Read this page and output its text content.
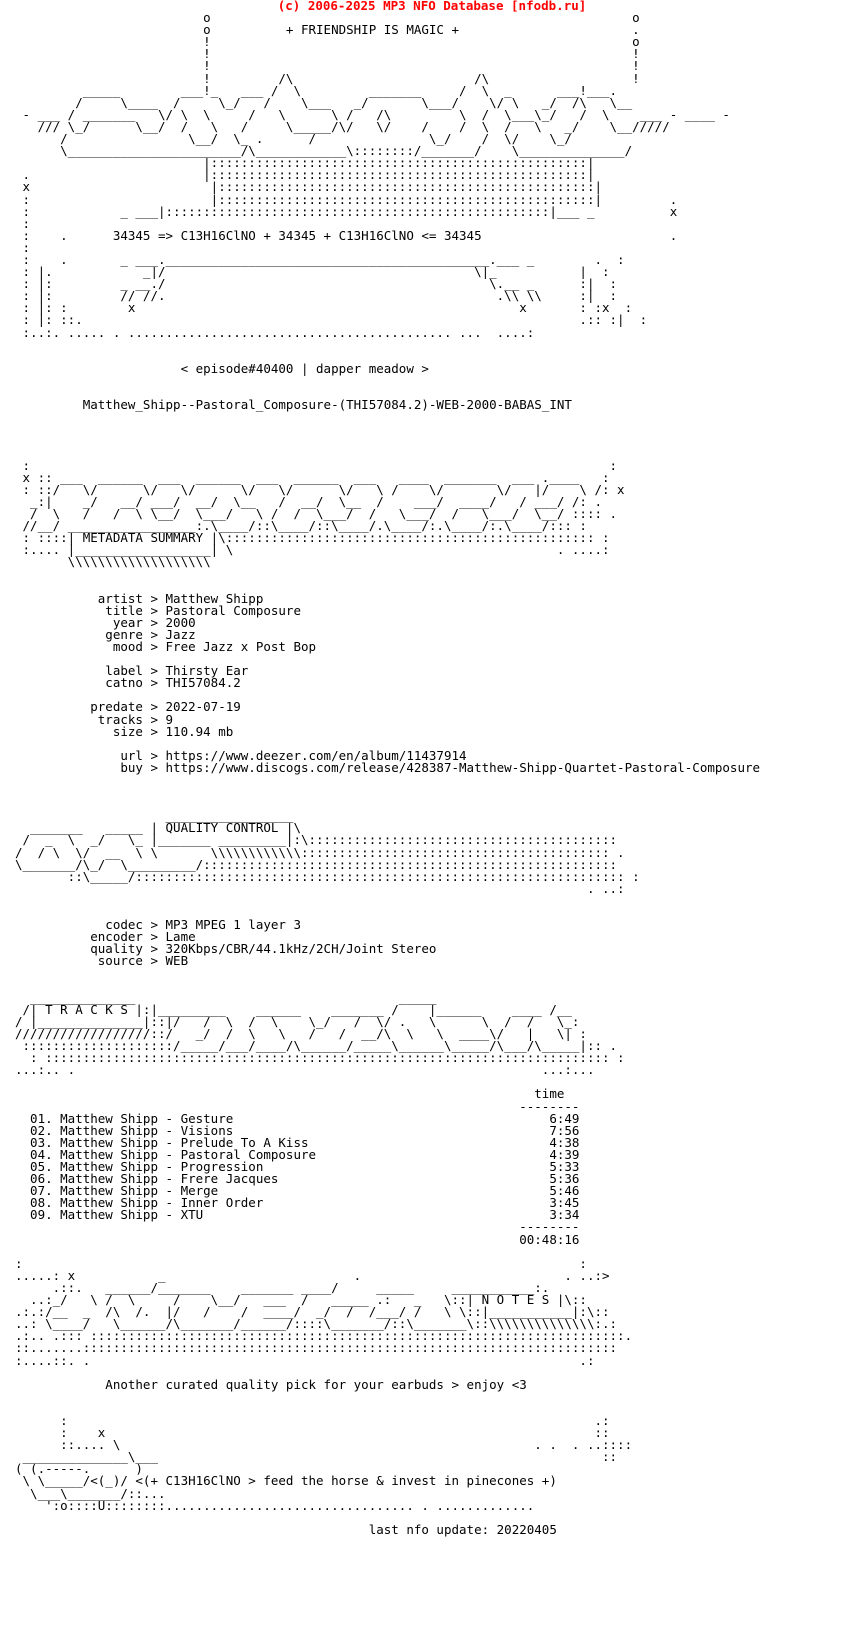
(c) 2006-2025 MP3 NFO Database [nfodb.ru]

o                                                        o
o          + FRIENDSHIP IS MAGIC +                       .
!                                                        o
!                                                        !
!                                                        !
!         /\                        /\                   !
_____        ___!_   ___ /  \         _______     /  \  _      ___!___.
/     \____  /     \_/   /    \___   _/       \___/    \/ \   _/  /\   \__
- ___ / _______   \/ \  \     /   \      \ /   /\         \  /  \___\_/   /  \    ___ - ____ -
/// \_/      \__/  /   \   /     \_____/\/   \/    /    /  \  /   \   _/    \__/////
/                \__/  \_ .      /               \_/    /  \/    \_/
\_______________________/\____________\::::::::/_______/    \______________/
|::::::::::::::::::::::::::::::::::::::::::::::::::|
.                       |::::::::::::::::::::::::::::::::::::::::::::::::::|
x                        |::::::::::::::::::::::::::::::::::::::::::::::::::|
:                        |::::::::::::::::::::::::::::::::::::::::::::::::::|         .
:            _ ___|:::::::::::::::::::::::::::::::::::::::::::::::::::|___ _          x
:
:    .      34345 => C13H16ClNO + 34345 + C13H16ClNO <= 34345                         .
:
:    .       _ ___.___________________________________________.___ _        .  :
: |.            _|/                                         \|_           |  :
: |:         _ __./                                           \.__ _      :|  :
: |:         // //.                                            .\\ \\     :|  :
: |: :        x                                                   x       : :x  :
: |: ::.                                                                  .:: :|  :
:..:. ..... . ........................................... ...  ....:

< episode#40400 | dapper meadow >

Matthew_Shipp--Pastoral_Composure-(THI57084.2)-WEB-2000-BABAS_INT

:                                                                             :
x :: ___  ______  ___  ______  ___  ______  ___   ____  _______  ___ .____   :
: ::/   \/      \/   \/      \/   \/      \/   \ /    \/       \/   |/    \ /: x
_:|    _/   __/ ___/  __/  \__   /  __/  \__  /    ___/  ____/   / ___/ /: .
/  \   /   /  \ \__/  \___/   \ /  /  \___/  /   \___/  /   \___/  \__/ :::: .
//__/ _________________:.\____/::\____/::\____/.\____/:.\____/:.\____/::: :
: ::::| METADATA SUMMARY |\::::::::::::::::::::::::::::::::::::::::::::::::: :
:.... |__________________| \                                           . ....:
\\\\\\\\\\\\\\\\\\\

artist > Matthew Shipp
title > Pastoral Composure
year > 2000
genre > Jazz
mood > Free Jazz x Post Bop

label > Thirsty Ear
catno > THI57084.2

predate > 2022-07-19
tracks > 9
size > 110.94 mb

url > https://www.deezer.com/en/album/11437914
buy > https://www.discogs.com/release/428387-Matthew-Shipp-Quartet-Pastoral-Composure

_________________
_______   _____ | QUALITY CONTROL |\
/  _  \  _/   \_ |_______ _________|:\:::::::::::::::::::::::::::::::::::::::::
/  / \  \/  __  \ \       \\\\\\\\\\\\::::::::::::::::::::::::::::::::::::::::: .
\_______/\_/  \_________/:::::::::::::::::::::::::::::::::::::::::::::::::::::::
::\_____/::::::::::::::::::::::::::::::::::::::::::::::::::::::::::::::::: :
. ..:

codec > MP3 MPEG 1 layer 3
encoder > Lame
quality > 320Kbps/CBR/44.1kHz/2CH/Joint Stereo
source > WEB

______________                                   _____
/| T R A C K S |:|_________    ______    _______ /    |______    ____ /__
/ |______________|::|/   /  \  /  \    \_/   /  \/ .   \      \  /  /   \_:
//////////////////::/   _/  /  \   \   /   /  __/\  \   \  ____\/   |   \| :
::::::::::::::::::::/_____/___/____/\______/_____\______\_____/\___/\_____|:: .
: ::::::::::::::::::::::::::::::::::::::::::::::::::::::::::::::::::::::::::: :
...:.. .                                                              ...:...

time
--------
01. Matthew Shipp - Gesture                                          6:49
02. Matthew Shipp - Visions                                          7:56
03. Matthew Shipp - Prelude To A Kiss                                4:38
04. Matthew Shipp - Pastoral Composure                               4:39
05. Matthew Shipp - Progression                                      5:33
06. Matthew Shipp - Frere Jacques                                    5:36
07. Matthew Shipp - Merge                                            5:46
08. Matthew Shipp - Inner Order                                      3:45
09. Matthew Shipp - XTU                                              3:34
--------
00:48:16

:                                                                          :
.....: x           _                         .                           . ..:>
.::.   ______/_______    _______ ____/     _____     ___________:.
..:_/   \ /  \     /    \__/   ___  /   _____ .:   _   \::| N O T E S |\::
.:.:/__  _  /\  /.  |/   /    /  ____/  _/  /  /___/ /   \ \::|___________|:\::
..: \____/   \______/\_______/______/::::\_______/::\_______\::\\\\\\\\\\\\\\:.:
.:.. .::: :::::::::::::::::::::::::::::::::::::::::::::::::::::::::::::::::::::::.
::.......:::::::::::::::::::::::::::::::::::::::::::::::::::::::::::::::::::::::
:....::. .                                                                 .:

Another curated quality pick for your earbuds > enjoy <3

:                                                                      .:
:    x                                                                 ::
::.... \                                                       . .  . ..::::
______________\___                                                           ::
( (.-----.      )
\ \_____/<(_)/ <(+ C13H16ClNO > feed the horse & invest in pinecones +)
\___\_______/::...
':o::::U::::::::................................. . .............

last nfo update: 20220405
